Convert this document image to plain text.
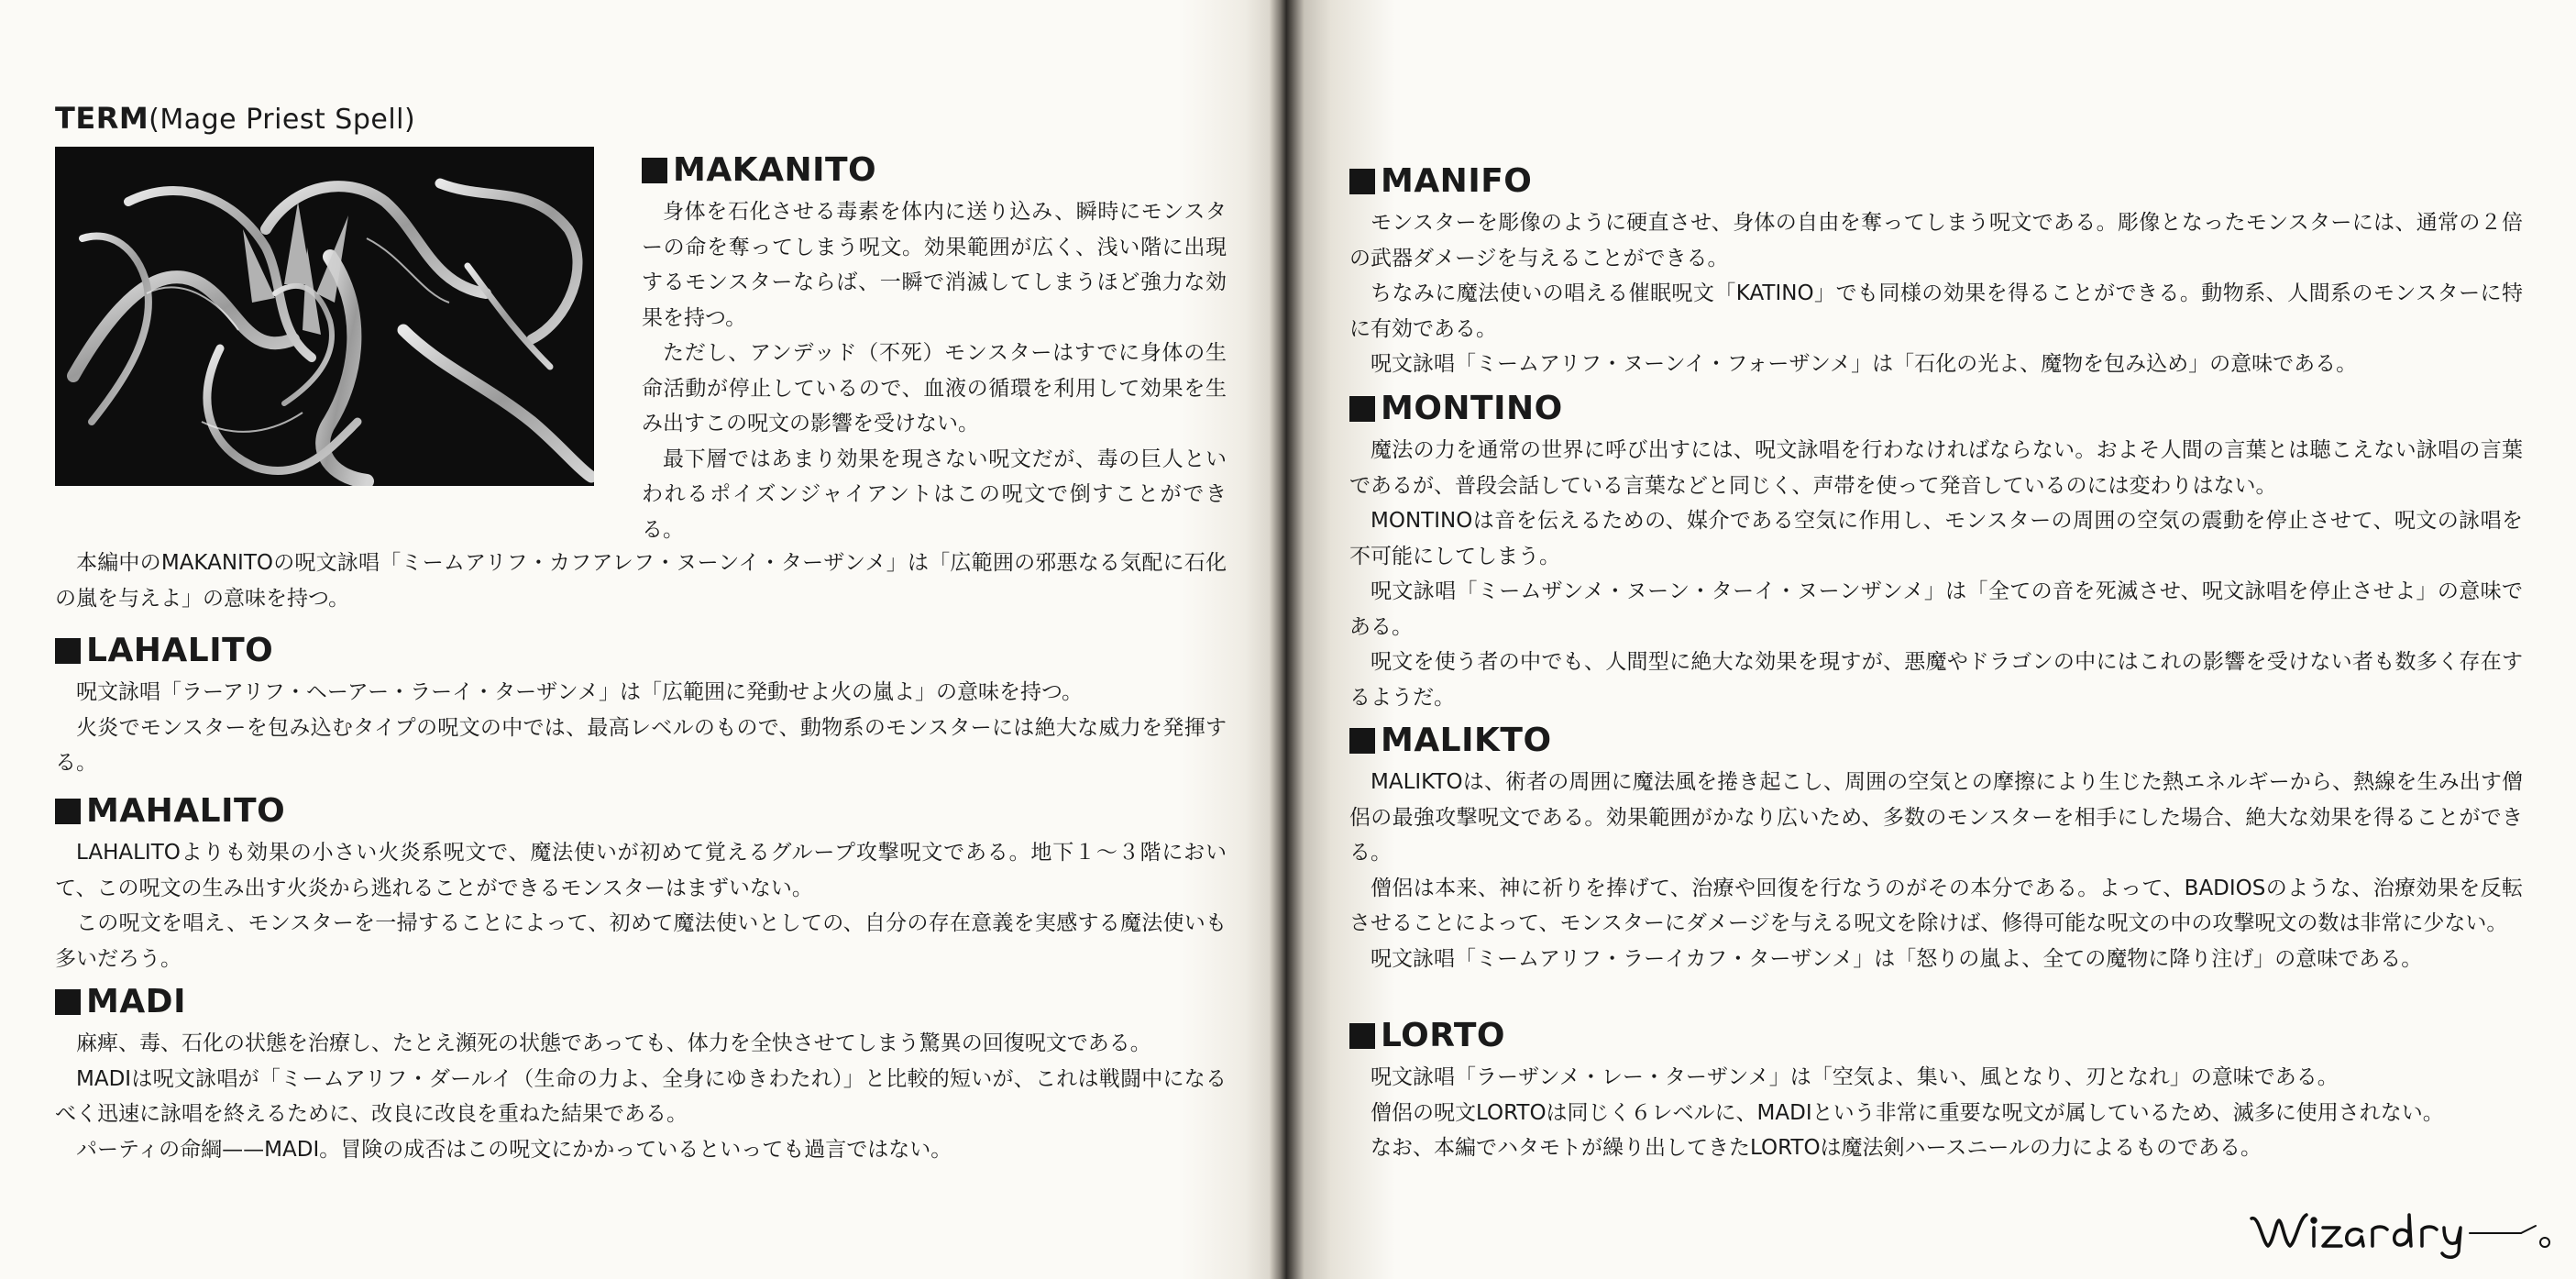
TERM(Mage Priest Spell)
MAKANITO

身体を石化させる毒素を体内に送り込み、瞬時にモンスターの命を奪ってしまう呪文。効果範囲が広く、浅い階に出現するモンスターならば、一瞬で消滅してしまうほど強力な効果を持つ。

ただし、アンデッド（不死）モンスターはすでに身体の生命活動が停止しているので、血液の循環を利用して効果を生み出すこの呪文の影響を受けない。

最下層ではあまり効果を現さない呪文だが、毒の巨人といわれるポイズンジャイアントはこの呪文で倒すことができる。

本編中のMAKANITOの呪文詠唱「ミームアリフ・カフアレフ・ヌーンイ・ターザンメ」は「広範囲の邪悪なる気配に石化の嵐を与えよ」の意味を持つ。

LAHALITO

呪文詠唱「ラーアリフ・ヘーアー・ラーイ・ターザンメ」は「広範囲に発動せよ火の嵐よ」の意味を持つ。

火炎でモンスターを包み込むタイプの呪文の中では、最高レベルのもので、動物系のモンスターには絶大な威力を発揮する。

MAHALITO

LAHALITOよりも効果の小さい火炎系呪文で、魔法使いが初めて覚えるグループ攻撃呪文である。地下１〜３階において、この呪文の生み出す火炎から逃れることができるモンスターはまずいない。

この呪文を唱え、モンスターを一掃することによって、初めて魔法使いとしての、自分の存在意義を実感する魔法使いも多いだろう。

MADI

麻痺、毒、石化の状態を治療し、たとえ瀕死の状態であっても、体力を全快させてしまう驚異の回復呪文である。

MADIは呪文詠唱が「ミームアリフ・ダールイ（生命の力よ、全身にゆきわたれ）」と比較的短いが、これは戦闘中になるべく迅速に詠唱を終えるために、改良に改良を重ねた結果である。

パーティの命綱——MADI。冒険の成否はこの呪文にかかっているといっても過言ではない。

MANIFO

モンスターを彫像のように硬直させ、身体の自由を奪ってしまう呪文である。彫像となったモンスターには、通常の２倍の武器ダメージを与えることができる。

ちなみに魔法使いの唱える催眠呪文「KATINO」でも同様の効果を得ることができる。動物系、人間系のモンスターに特に有効である。

呪文詠唱「ミームアリフ・ヌーンイ・フォーザンメ」は「石化の光よ、魔物を包み込め」の意味である。

MONTINO

魔法の力を通常の世界に呼び出すには、呪文詠唱を行わなければならない。およそ人間の言葉とは聴こえない詠唱の言葉であるが、普段会話している言葉などと同じく、声帯を使って発音しているのには変わりはない。

MONTINOは音を伝えるための、媒介である空気に作用し、モンスターの周囲の空気の震動を停止させて、呪文の詠唱を不可能にしてしまう。

呪文詠唱「ミームザンメ・ヌーン・ターイ・ヌーンザンメ」は「全ての音を死滅させ、呪文詠唱を停止させよ」の意味である。

呪文を使う者の中でも、人間型に絶大な効果を現すが、悪魔やドラゴンの中にはこれの影響を受けない者も数多く存在するようだ。

MALIKTO

MALIKTOは、術者の周囲に魔法風を捲き起こし、周囲の空気との摩擦により生じた熱エネルギーから、熱線を生み出す僧侶の最強攻撃呪文である。効果範囲がかなり広いため、多数のモンスターを相手にした場合、絶大な効果を得ることができる。

僧侶は本来、神に祈りを捧げて、治療や回復を行なうのがその本分である。よって、BADIOSのような、治療効果を反転させることによって、モンスターにダメージを与える呪文を除けば、修得可能な呪文の中の攻撃呪文の数は非常に少ない。

呪文詠唱「ミームアリフ・ラーイカフ・ターザンメ」は「怒りの嵐よ、全ての魔物に降り注げ」の意味である。

LORTO

呪文詠唱「ラーザンメ・レー・ターザンメ」は「空気よ、集い、風となり、刃となれ」の意味である。

僧侶の呪文LORTOは同じく６レベルに、MADIという非常に重要な呪文が属しているため、滅多に使用されない。

なお、本編でハタモトが繰り出してきたLORTOは魔法剣ハースニールの力によるものである。
